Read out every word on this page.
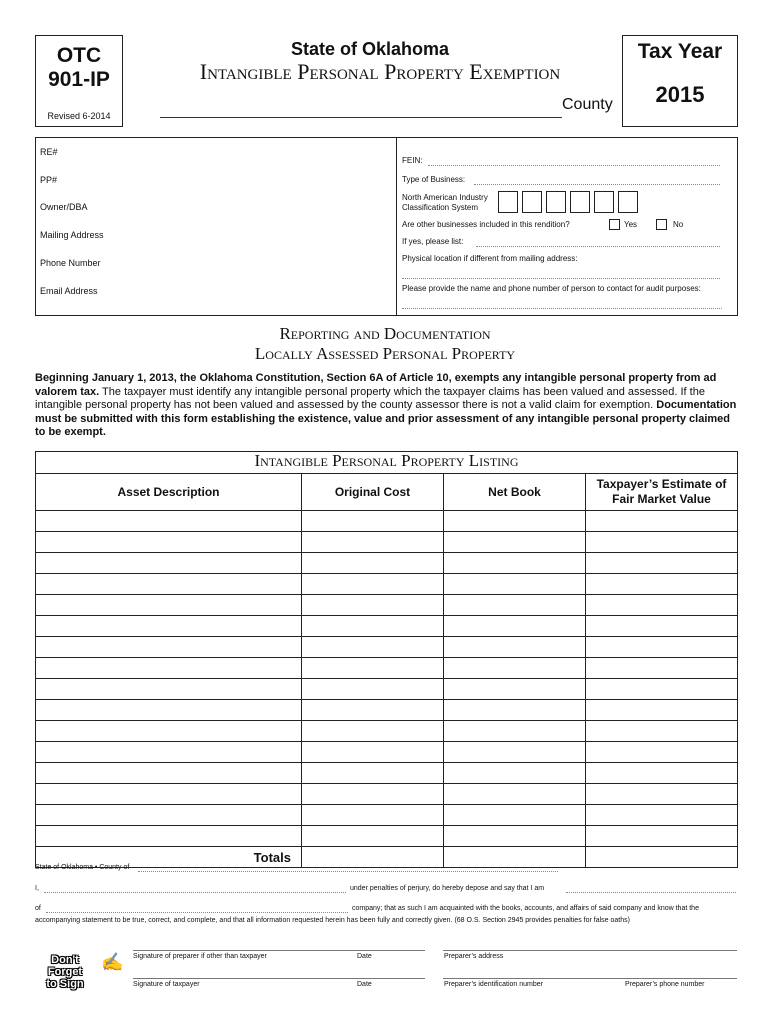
OTC
901-IP
Revised 6-2014
State of Oklahoma
Intangible Personal Property Exemption
County
Tax Year
2015
RE#
PP#
Owner/DBA
Mailing Address
Phone Number
Email Address
FEIN:
Type of Business:
North American Industry
Classification System
Are other businesses included in this rendition?	Yes	No
If yes, please list:
Physical location if different from mailing address:
Please provide the name and phone number of person to contact for audit purposes:
Reporting and Documentation
Locally Assessed Personal Property
Beginning January 1, 2013, the Oklahoma Constitution, Section 6A of Article 10, exempts any intangible personal property from ad valorem tax. The taxpayer must identify any intangible personal property which the taxpayer claims has been valued and assessed. If the intangible personal property has not been valued and assessed by the county assessor there is not a valid claim for exemption. Documentation must be submitted with this form establishing the existence, value and prior assessment of any intangible personal property claimed to be exempt.
Intangible Personal Property Listing
Asset Description	Original Cost	Net Book	Taxpayer’s Estimate of
Fair Market Value

Totals			
State of Oklahoma • County of
I,	under penalties of perjury, do hereby depose and say that I am
of	company; that as such I am acquainted with the books, accounts, and affairs of said company and know that the
accompanying statement to be true, correct, and complete, and that all information requested herein has been fully and correctly given. (68 O.S. Section 2945 provides penalties for false oaths)
Don't Forget
to Sign
✍ Signature of preparer if other than taxpayer	Date	Preparer’s address
Signature of taxpayer	Date	Preparer’s identification number	Preparer’s phone number
